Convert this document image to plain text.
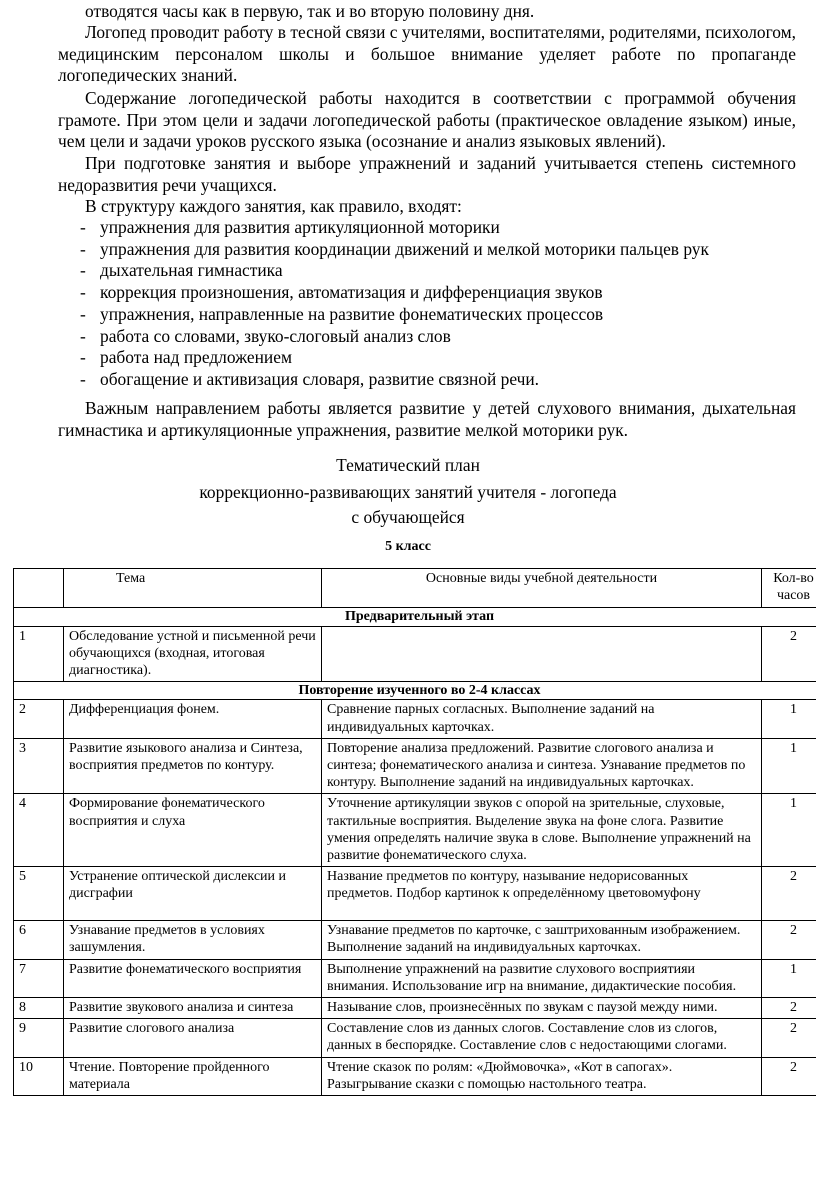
отводятся часы как в первую, так и во вторую половину дня.

Логопед проводит работу в тесной связи с учителями, воспитателями, родителями, психологом, медицинским персоналом школы и большое внимание уделяет работе по пропаганде логопедических знаний.

Содержание логопедической работы находится в соответствии с программой обучения грамоте. При этом цели и задачи логопедической работы (практическое овладение языком) иные, чем цели и задачи уроков русского языка (осознание и анализ языковых явлений).

При подготовке занятия и выборе упражнений и заданий учитывается степень системного недоразвития речи учащихся.

В структуру каждого занятия, как правило, входят:

- упражнения для развития артикуляционной моторики
- упражнения для развития координации движений и мелкой моторики пальцев рук
- дыхательная гимнастика
- коррекция произношения, автоматизация и дифференциация звуков
- упражнения, направленные на развитие фонематических процессов
- работа со словами, звуко-слоговый анализ слов
- работа над предложением
- обогащение и активизация словаря, развитие связной речи.

Важным направлением работы является развитие у детей слухового внимания, дыхательная гимнастика и артикуляционные упражнения, развитие мелкой моторики рук.

Тематический план
коррекционно-развивающих занятий учителя - логопеда
с обучающейся
5 класс
	Тема	Основные виды учебной деятельности	Кол-во
часов
Предварительный этап			
1	Обследование устной и письменной речи обучающихся (входная, итоговая диагностика).		2
Повторение изученного во 2-4 классах			
2	Дифференциация фонем.	Сравнение парных согласных. Выполнение заданий на индивидуальных карточках.	1
3	Развитие языкового анализа и Синтеза, восприятия предметов по контуру.	Повторение анализа предложений. Развитие слогового анализа и синтеза; фонематического анализа и синтеза. Узнавание предметов по контуру. Выполнение заданий на индивидуальных карточках.	1
4	Формирование фонематического восприятия и слуха	Уточнение артикуляции звуков с опорой на зрительные, слуховые, тактильные восприятия. Выделение звука на фоне слога. Развитие умения определять наличие звука в слове. Выполнение упражнений на развитие фонематического слуха.	1
5	Устранение оптической дислексии и дисграфии	Название предметов по контуру, называние недорисованных предметов. Подбор картинок к определённому цветовомуфону	2
6	Узнавание предметов в условиях зашумления.	Узнавание предметов по карточке, с заштрихованным изображением. Выполнение заданий на индивидуальных карточках.	2
7	Развитие фонематического восприятия	Выполнение упражнений на развитие слухового восприятияи внимания. Использование игр на внимание, дидактические пособия.	1
8	Развитие звукового анализа и синтеза	Называние слов, произнесённых по звукам с паузой между ними.	2
9	Развитие слогового анализа	Составление слов из данных слогов. Составление слов из слогов, данных в беспорядке. Составление слов с недостающими слогами.	2
10	Чтение. Повторение пройденного материала	Чтение сказок по ролям: «Дюймовочка», «Кот в сапогах». Разыгрывание сказки с помощью настольного театра.	2
